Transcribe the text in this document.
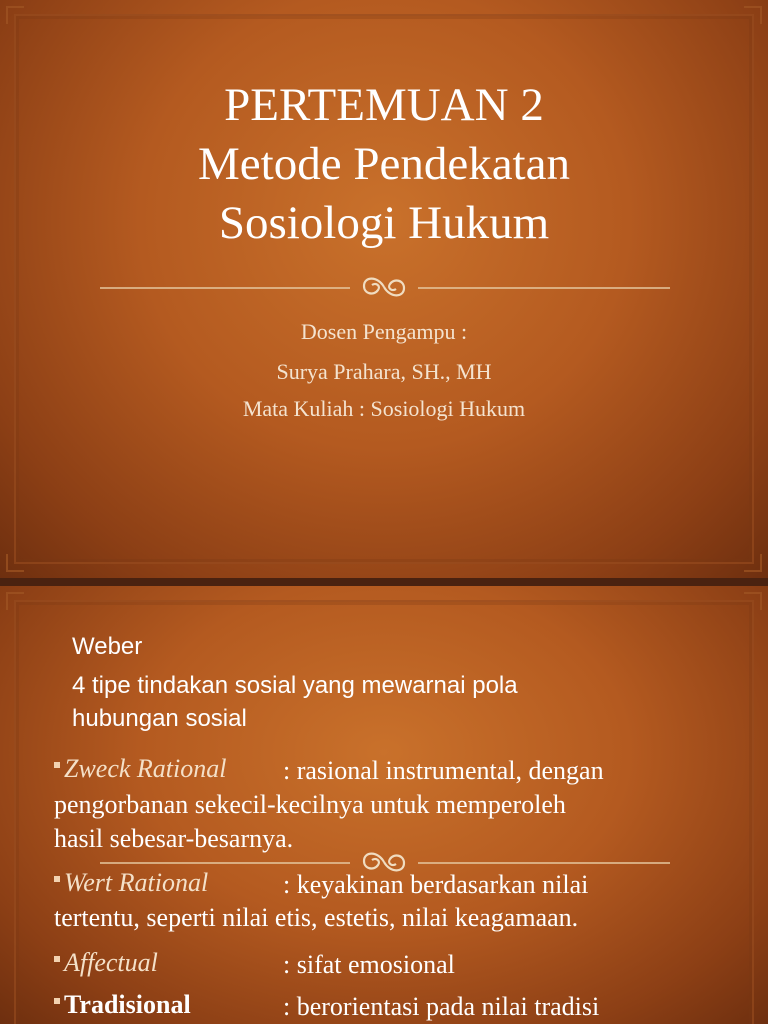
PERTEMUAN 2
Metode Pendekatan
Sosiologi Hukum
Dosen Pengampu :
Surya Prahara, SH., MH
Mata Kuliah : Sosiologi Hukum
Weber
4 tipe tindakan sosial yang mewarnai pola
hubungan sosial
Zweck Rational : rasional instrumental, dengan
pengorbanan sekecil-kecilnya untuk memperoleh
hasil sebesar-besarnya.
Wert Rational	: keyakinan berdasarkan nilai
tertentu, seperti nilai etis, estetis, nilai keagamaan.
Affectual	: sifat emosional
Tradisional	: berorientasi pada nilai tradisi
